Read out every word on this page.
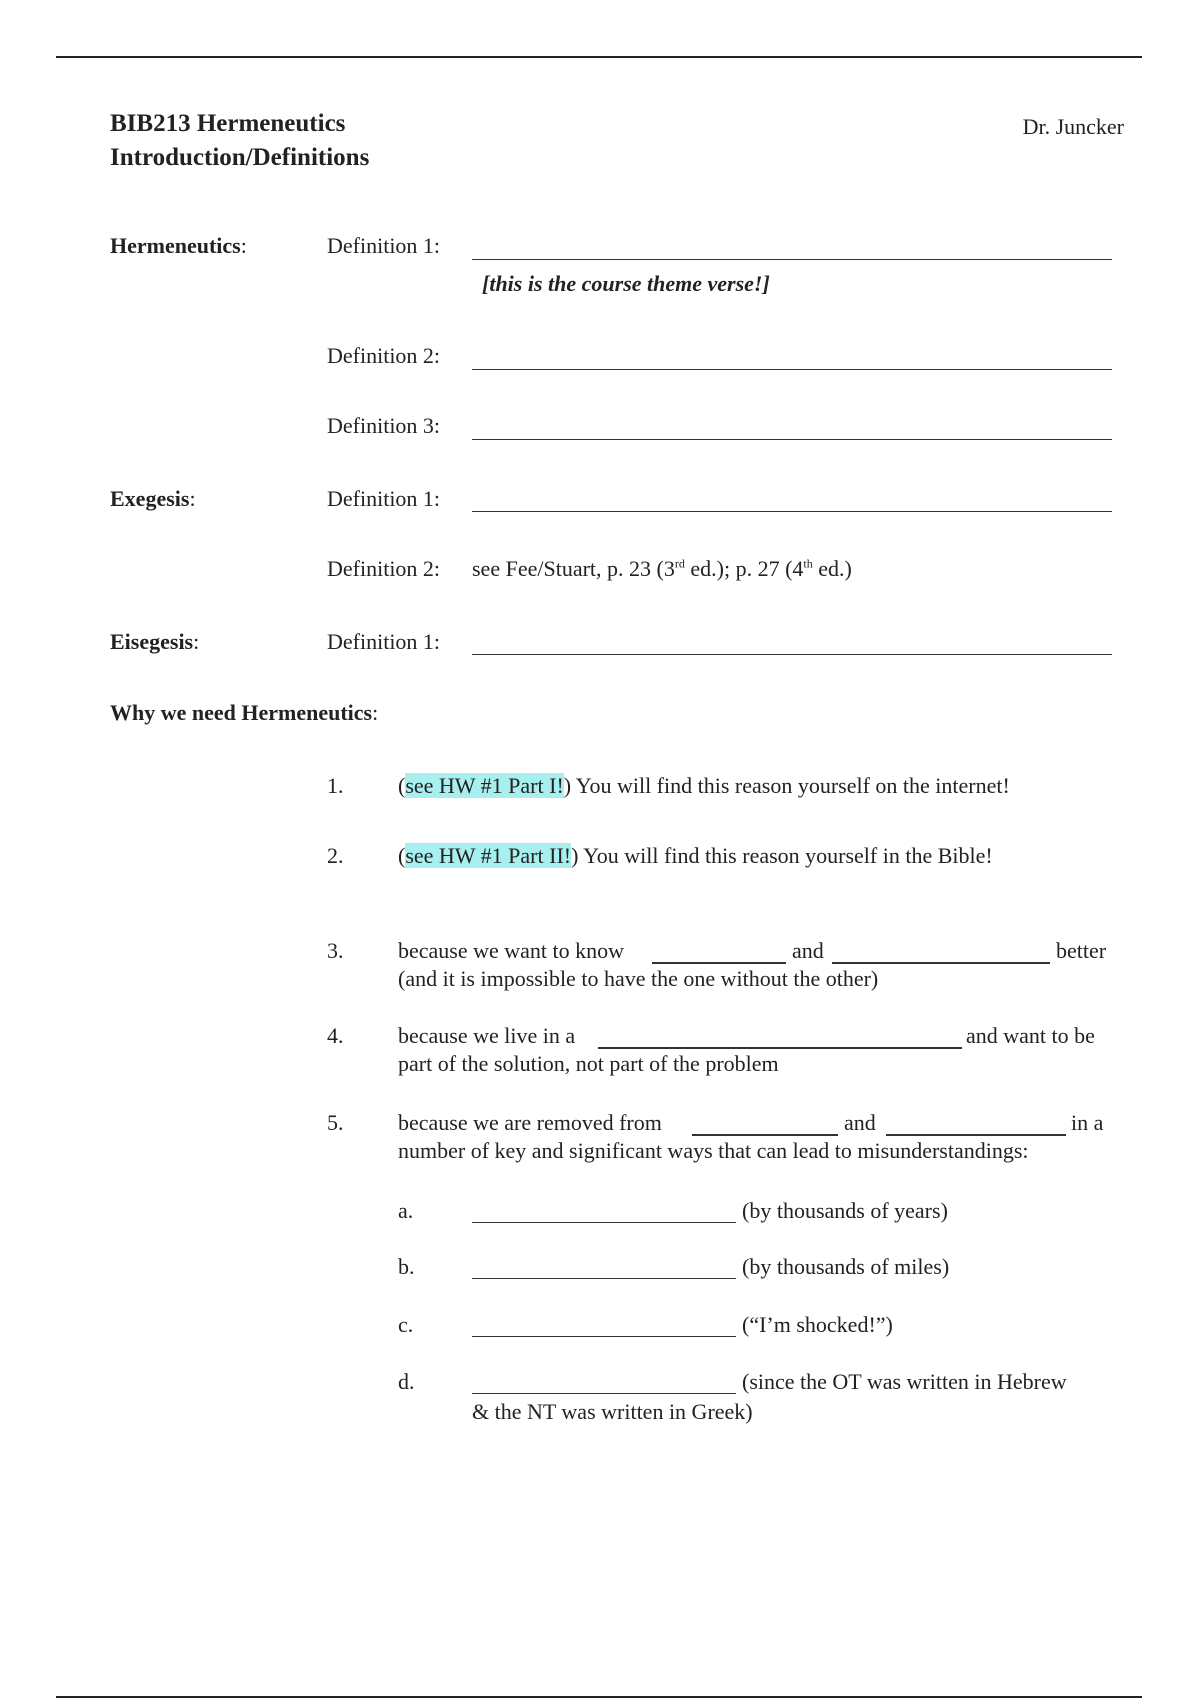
BIB213 Hermeneutics
Introduction/Definitions
Dr. Juncker
Hermeneutics:	Definition 1:
[this is the course theme verse!]
Definition 2:
Definition 3:
Exegesis:	Definition 1:
Definition 2: see Fee/Stuart, p. 23 (3rd ed.); p. 27 (4th ed.)
Eisegesis:	Definition 1:
Why we need Hermeneutics:
1. (see HW #1 Part I!) You will find this reason yourself on the internet!
2. (see HW #1 Part II!) You will find this reason yourself in the Bible!
3. because we want to know	and	better
(and it is impossible to have the one without the other)
4. because we live in a	and want to be
part of the solution, not part of the problem
5. because we are removed from	and	in a
number of key and significant ways that can lead to misunderstandings:
a.	(by thousands of years)
b.	(by thousands of miles)
c.	(“I’m shocked!”)
d.	(since the OT was written in Hebrew
& the NT was written in Greek)
